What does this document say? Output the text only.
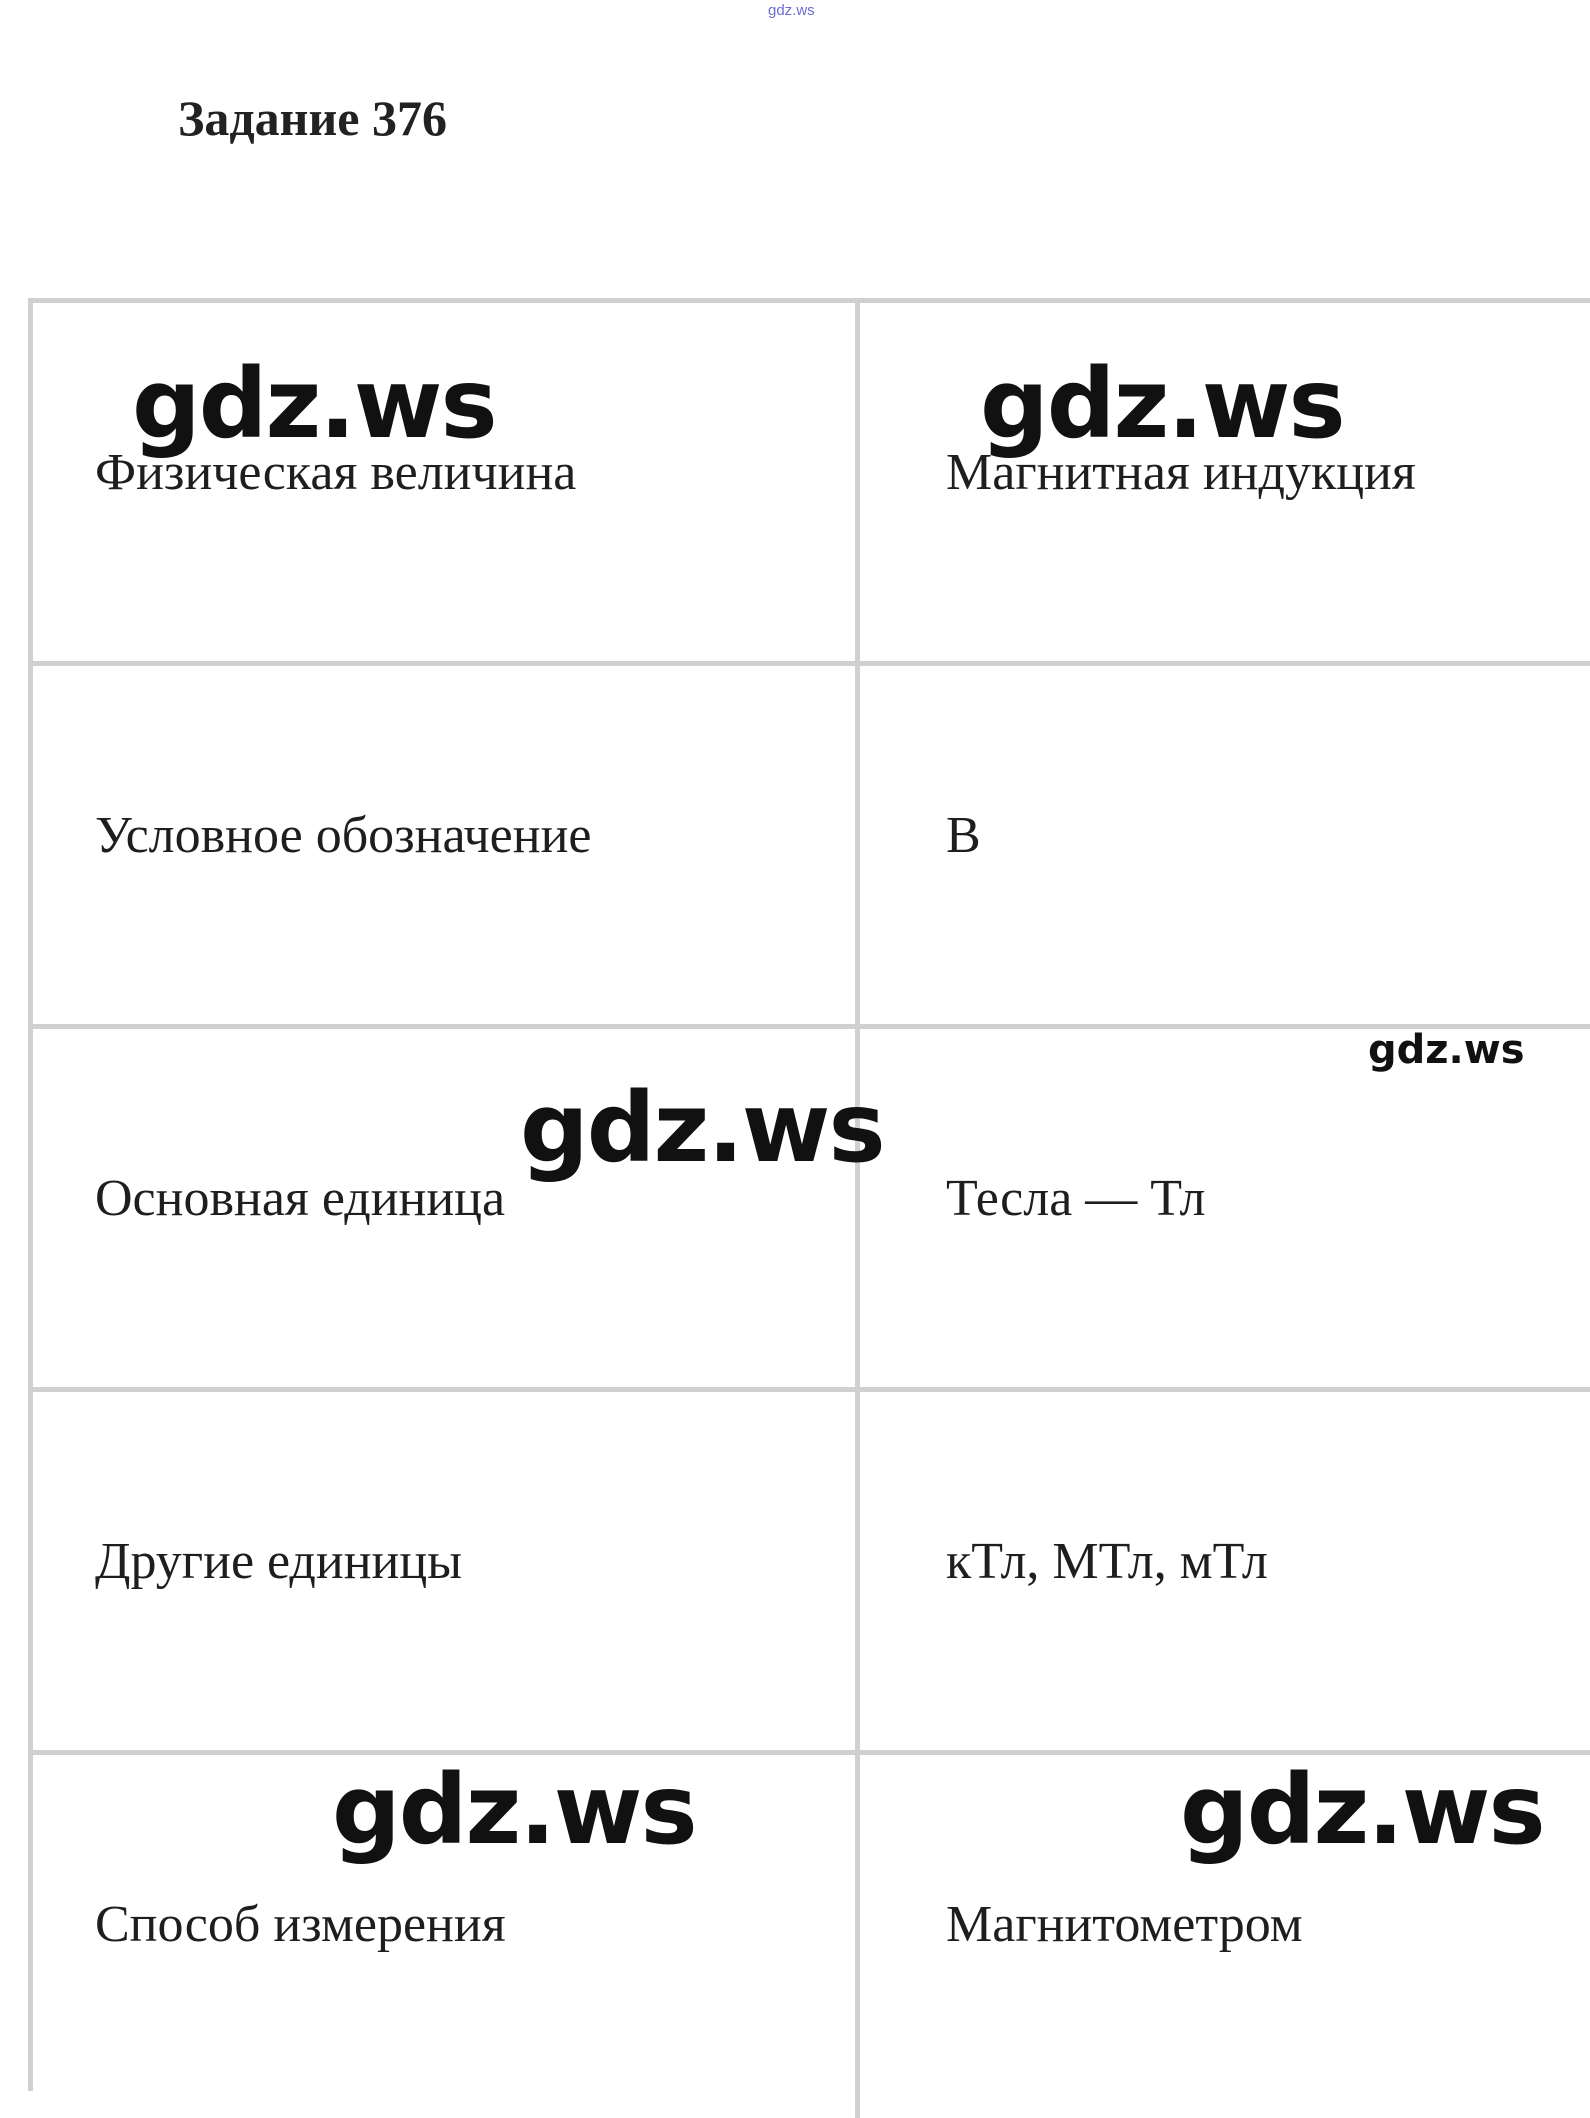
gdz.ws
Задание 376
Физическая величина	Магнитная индукция
Условное обозначение	B
Основная единица	Тесла — Тл
Другие единицы	кТл, МТл, мТл
Способ измерения	Магнитометром
gdz.ws	gdz.ws
gdz.ws
gdz.ws
gdz.ws	gdz.ws
